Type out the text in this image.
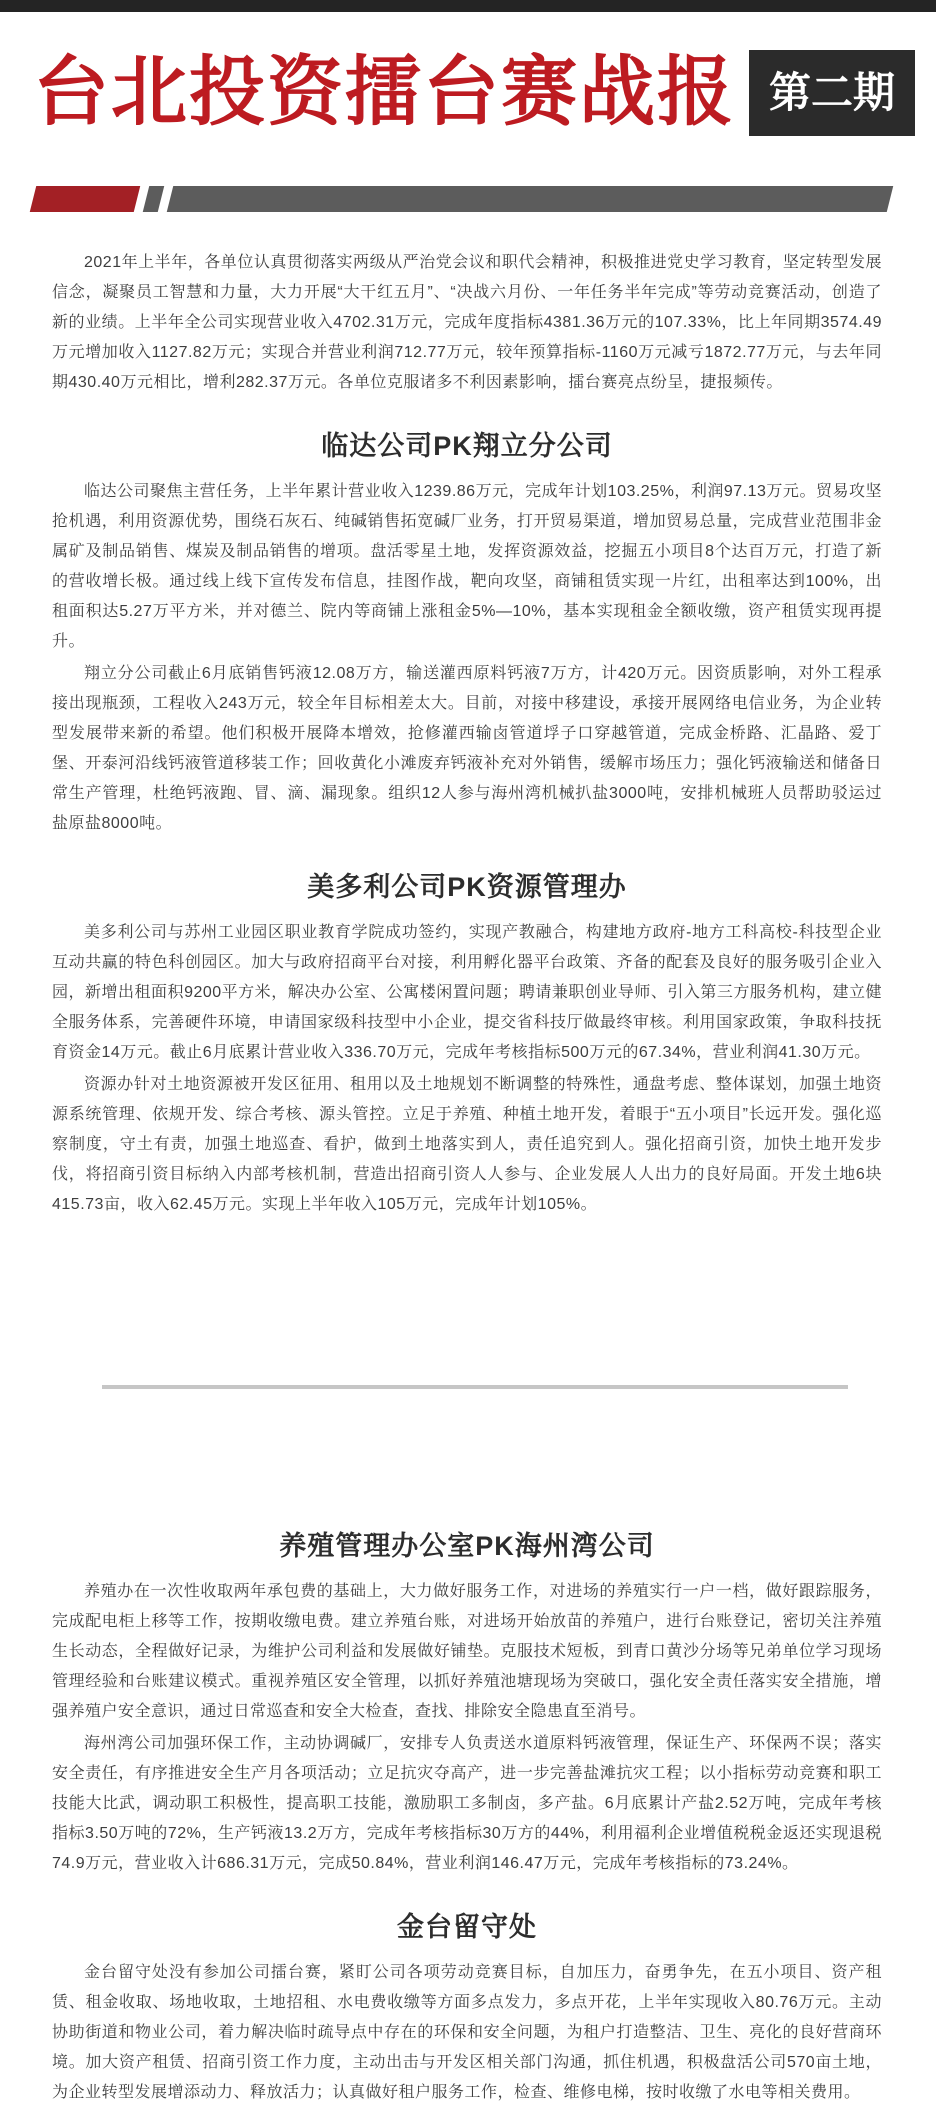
台北投资擂台赛战报 第二期

2021年上半年，各单位认真贯彻落实两级从严治党会议和职代会精神，积极推进党史学习教育，坚定转型发展信念，凝聚员工智慧和力量，大力开展“大干红五月”、“决战六月份、一年任务半年完成”等劳动竞赛活动，创造了新的业绩。上半年全公司实现营业收入4702.31万元，完成年度指标4381.36万元的107.33%，比上年同期3574.49万元增加收入1127.82万元；实现合并营业利润712.77万元，较年预算指标-1160万元减亏1872.77万元，与去年同期430.40万元相比，增利282.37万元。各单位克服诸多不利因素影响，擂台赛亮点纷呈，捷报频传。

临达公司PK翔立分公司

临达公司聚焦主营任务，上半年累计营业收入1239.86万元，完成年计划103.25%，利润97.13万元。贸易攻坚抢机遇，利用资源优势，围绕石灰石、纯碱销售拓宽碱厂业务，打开贸易渠道，增加贸易总量，完成营业范围非金属矿及制品销售、煤炭及制品销售的增项。盘活零星土地，发挥资源效益，挖掘五小项目8个达百万元，打造了新的营收增长极。通过线上线下宣传发布信息，挂图作战，靶向攻坚，商铺租赁实现一片红，出租率达到100%，出租面积达5.27万平方米，并对德兰、院内等商铺上涨租金5%—10%，基本实现租金全额收缴，资产租赁实现再提升。

翔立分公司截止6月底销售钙液12.08万方，输送灌西原料钙液7万方，计420万元。因资质影响，对外工程承接出现瓶颈，工程收入243万元，较全年目标相差太大。目前，对接中移建设，承接开展网络电信业务，为企业转型发展带来新的希望。他们积极开展降本增效，抢修灌西输卤管道垺子口穿越管道，完成金桥路、汇晶路、爱丁堡、开泰河沿线钙液管道移装工作；回收黄化小滩废弃钙液补充对外销售，缓解市场压力；强化钙液输送和储备日常生产管理，杜绝钙液跑、冒、滴、漏现象。组织12人参与海州湾机械扒盐3000吨，安排机械班人员帮助驳运过盐原盐8000吨。

美多利公司PK资源管理办

美多利公司与苏州工业园区职业教育学院成功签约，实现产教融合，构建地方政府-地方工科高校-科技型企业互动共赢的特色科创园区。加大与政府招商平台对接，利用孵化器平台政策、齐备的配套及良好的服务吸引企业入园，新增出租面积9200平方米，解决办公室、公寓楼闲置问题；聘请兼职创业导师、引入第三方服务机构，建立健全服务体系，完善硬件环境，申请国家级科技型中小企业，提交省科技厅做最终审核。利用国家政策，争取科技抚育资金14万元。截止6月底累计营业收入336.70万元，完成年考核指标500万元的67.34%，营业利润41.30万元。

资源办针对土地资源被开发区征用、租用以及土地规划不断调整的特殊性，通盘考虑、整体谋划，加强土地资源系统管理、依规开发、综合考核、源头管控。立足于养殖、种植土地开发，着眼于“五小项目”长远开发。强化巡察制度，守土有责，加强土地巡查、看护，做到土地落实到人，责任追究到人。强化招商引资，加快土地开发步伐，将招商引资目标纳入内部考核机制，营造出招商引资人人参与、企业发展人人出力的良好局面。开发土地6块415.73亩，收入62.45万元。实现上半年收入105万元，完成年计划105%。

养殖管理办公室PK海州湾公司

养殖办在一次性收取两年承包费的基础上，大力做好服务工作，对进场的养殖实行一户一档，做好跟踪服务，完成配电柜上移等工作，按期收缴电费。建立养殖台账，对进场开始放苗的养殖户，进行台账登记，密切关注养殖生长动态，全程做好记录，为维护公司利益和发展做好铺垫。克服技术短板，到青口黄沙分场等兄弟单位学习现场管理经验和台账建议模式。重视养殖区安全管理，以抓好养殖池塘现场为突破口，强化安全责任落实安全措施，增强养殖户安全意识，通过日常巡查和安全大检查，查找、排除安全隐患直至消号。

海州湾公司加强环保工作，主动协调碱厂，安排专人负责送水道原料钙液管理，保证生产、环保两不误；落实安全责任，有序推进安全生产月各项活动；立足抗灾夺高产，进一步完善盐滩抗灾工程；以小指标劳动竞赛和职工技能大比武，调动职工积极性，提高职工技能，激励职工多制卤，多产盐。6月底累计产盐2.52万吨，完成年考核指标3.50万吨的72%，生产钙液13.2万方，完成年考核指标30万方的44%，利用福利企业增值税税金返还实现退税74.9万元，营业收入计686.31万元，完成50.84%，营业利润146.47万元，完成年考核指标的73.24%。

金台留守处

金台留守处没有参加公司擂台赛，紧盯公司各项劳动竞赛目标，自加压力，奋勇争先，在五小项目、资产租赁、租金收取、场地收取，土地招租、水电费收缴等方面多点发力，多点开花，上半年实现收入80.76万元。主动协助街道和物业公司，着力解决临时疏导点中存在的环保和安全问题，为租户打造整洁、卫生、亮化的良好营商环境。加大资产租赁、招商引资工作力度，主动出击与开发区相关部门沟通，抓住机遇，积极盘活公司570亩土地，为企业转型发展增添动力、释放活力；认真做好租户服务工作，检查、维修电梯，按时收缴了水电等相关费用。
